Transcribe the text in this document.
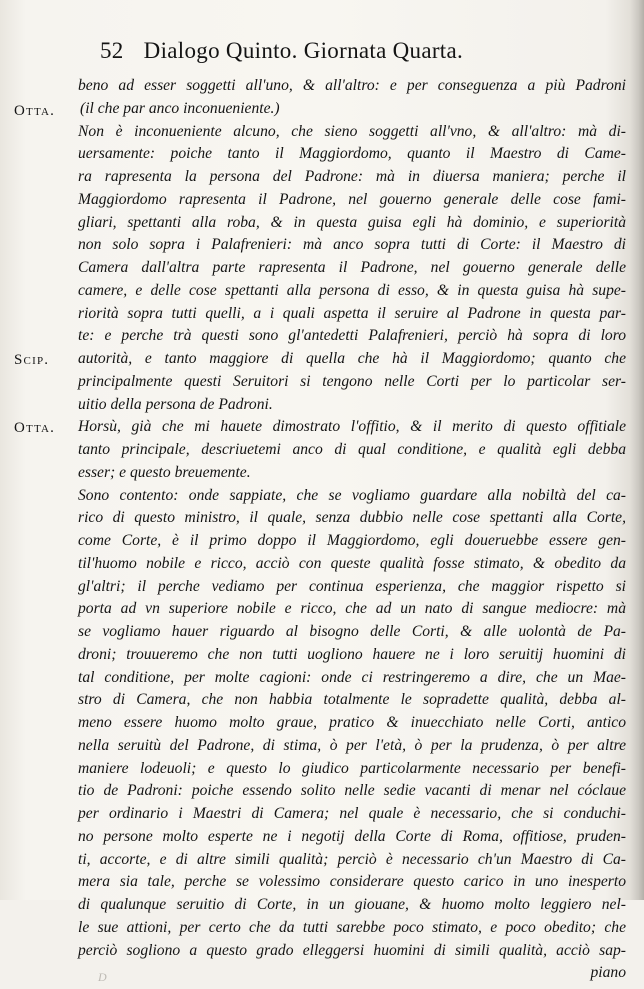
52 Dialogo Quinto. Giornata Quarta.
Otta.
Scip.
Otta.
beno ad esser soggetti all'uno, & all'altro: e per conseguenza a più Padroni
(il che par anco inconueniente.)
Non è inconueniente alcuno, che sieno soggetti all'vno, & all'altro: mà di-
uersamente: poiche tanto il Maggiordomo, quanto il Maestro di Came-
ra rapresenta la persona del Padrone: mà in diuersa maniera; perche il
Maggiordomo rapresenta il Padrone, nel gouerno generale delle cose fami-
gliari, spettanti alla roba, & in questa guisa egli hà dominio, e superiorità
non solo sopra i Palafrenieri: mà anco sopra tutti di Corte: il Maestro di
Camera dall'altra parte rapresenta il Padrone, nel gouerno generale delle
camere, e delle cose spettanti alla persona di esso, & in questa guisa hà supe-
riorità sopra tutti quelli, a i quali aspetta il seruire al Padrone in questa par-
te: e perche trà questi sono gl'antedetti Palafrenieri, perciò hà sopra di loro
autorità, e tanto maggiore di quella che hà il Maggiordomo; quanto che
principalmente questi Seruitori si tengono nelle Corti per lo particolar ser-
uitio della persona de Padroni.
Horsù, già che mi hauete dimostrato l'offitio, & il merito di questo offitiale
tanto principale, descriuetemi anco di qual conditione, e qualità egli debba
esser; e questo breuemente.
Sono contento: onde sappiate, che se vogliamo guardare alla nobiltà del ca-
rico di questo ministro, il quale, senza dubbio nelle cose spettanti alla Corte,
come Corte, è il primo doppo il Maggiordomo, egli doueruebbe essere gen-
til'huomo nobile e ricco, acciò con queste qualità fosse stimato, & obedito da
gl'altri; il perche vediamo per continua esperienza, che maggior rispetto si
porta ad vn superiore nobile e ricco, che ad un nato di sangue mediocre: mà
se vogliamo hauer riguardo al bisogno delle Corti, & alle uolontà de Pa-
droni; trouueremo che non tutti uogliono hauere ne i loro seruitij huomini di
tal conditione, per molte cagioni: onde ci restringeremo a dire, che un Mae-
stro di Camera, che non habbia totalmente le sopradette qualità, debba al-
meno essere huomo molto graue, pratico & inuecchiato nelle Corti, antico
nella seruitù del Padrone, di stima, ò per l'età, ò per la prudenza, ò per altre
maniere lodeuoli; e questo lo giudico particolarmente necessario per benefi-
tio de Padroni: poiche essendo solito nelle sedie vacanti di menar nel cóclaue
per ordinario i Maestri di Camera; nel quale è necessario, che si conduchi-
no persone molto esperte ne i negotij della Corte di Roma, offitiose, pruden-
ti, accorte, e di altre simili qualità; perciò è necessario ch'un Maestro di Ca-
mera sia tale, perche se volessimo considerare questo carico in uno inesperto
di qualunque seruitio di Corte, in un giouane, & huomo molto leggiero nel-
le sue attioni, per certo che da tutti sarebbe poco stimato, e poco obedito; che
perciò sogliono a questo grado elleggersi huomini di simili qualità, acciò sap-
D	piano
